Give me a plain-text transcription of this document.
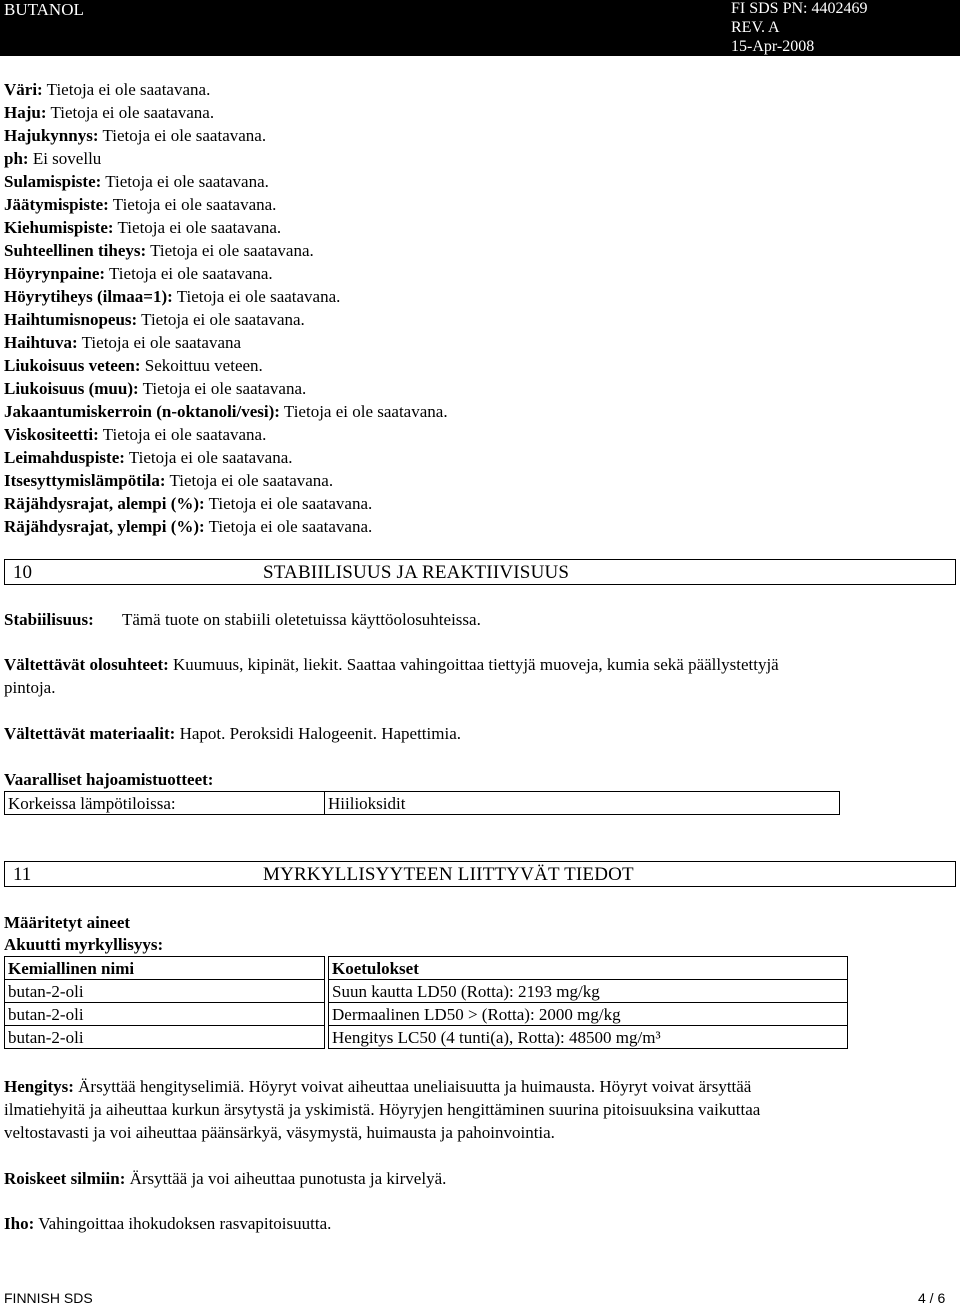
BUTANOL	FI SDS PN: 4402469
REV. A
15-Apr-2008
Väri: Tietoja ei ole saatavana.
Haju: Tietoja ei ole saatavana.
Hajukynnys: Tietoja ei ole saatavana.
ph: Ei sovellu
Sulamispiste: Tietoja ei ole saatavana.
Jäätymispiste: Tietoja ei ole saatavana.
Kiehumispiste: Tietoja ei ole saatavana.
Suhteellinen tiheys: Tietoja ei ole saatavana.
Höyrynpaine: Tietoja ei ole saatavana.
Höyrytiheys (ilmaa=1): Tietoja ei ole saatavana.
Haihtumisnopeus: Tietoja ei ole saatavana.
Haihtuva: Tietoja ei ole saatavana
Liukoisuus veteen: Sekoittuu veteen.
Liukoisuus (muu): Tietoja ei ole saatavana.
Jakaantumiskerroin (n-oktanoli/vesi): Tietoja ei ole saatavana.
Viskositeetti: Tietoja ei ole saatavana.
Leimahduspiste: Tietoja ei ole saatavana.
Itsesyttymislämpötila: Tietoja ei ole saatavana.
Räjähdysrajat, alempi (%): Tietoja ei ole saatavana.
Räjähdysrajat, ylempi (%): Tietoja ei ole saatavana.
10	STABIILISUUS JA REAKTIIVISUUS
Stabiilisuus: Tämä tuote on stabiili oletetuissa käyttöolosuhteissa.
Vältettävät olosuhteet: Kuumuus, kipinät, liekit. Saattaa vahingoittaa tiettyjä muoveja, kumia sekä päällystettyjä
pintoja.
Vältettävät materiaalit: Hapot. Peroksidi Halogeenit. Hapettimia.
Vaaralliset hajoamistuotteet:
Korkeissa lämpötiloissa:	Hiilioksidit
11	MYRKYLLISYYTEEN LIITTYVÄT TIEDOT
Määritetyt aineet
Akuutti myrkyllisyys:
Kemiallinen nimi	Koetulokset
butan-2-oli	Suun kautta LD50 (Rotta): 2193 mg/kg
butan-2-oli	Dermaalinen LD50 > (Rotta): 2000 mg/kg
butan-2-oli	Hengitys LC50 (4 tunti(a), Rotta): 48500 mg/m³
Hengitys: Ärsyttää hengityselimiä. Höyryt voivat aiheuttaa uneliaisuutta ja huimausta. Höyryt voivat ärsyttää
ilmatiehyitä ja aiheuttaa kurkun ärsytystä ja yskimistä. Höyryjen hengittäminen suurina pitoisuuksina vaikuttaa
veltostavasti ja voi aiheuttaa päänsärkyä, väsymystä, huimausta ja pahoinvointia.
Roiskeet silmiin: Ärsyttää ja voi aiheuttaa punotusta ja kirvelyä.
Iho: Vahingoittaa ihokudoksen rasvapitoisuutta.
FINNISH SDS	4 / 6
